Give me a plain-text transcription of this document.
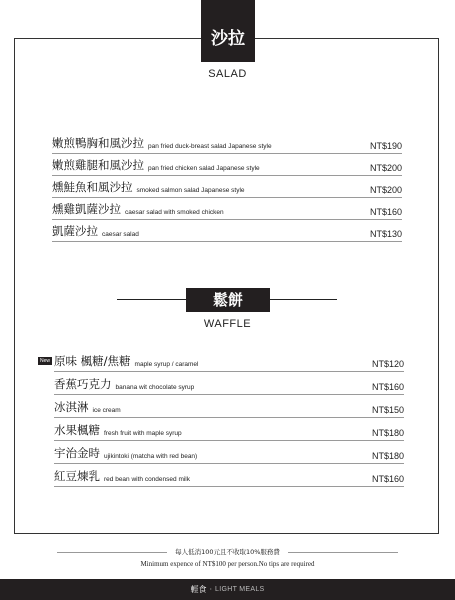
沙拉
SALAD
嫩煎鴨胸和風沙拉 pan fried duck-breast salad Japanese style	NT$190
嫩煎雞腿和風沙拉 pan fried chicken salad Japanese style	NT$200
燻鮭魚和風沙拉 smoked salmon salad Japanese style	NT$200
燻雞凱薩沙拉 caesar salad with smoked chicken	NT$160
凱薩沙拉 caesar salad	NT$130
鬆餅
WAFFLE
New 原味 楓糖/焦糖 maple syrup / caramel	NT$120
香蕉巧克力 banana wit chocolate syrup	NT$160
冰淇淋 ice cream	NT$150
水果楓糖 fresh fruit with maple syrup	NT$180
宇治金時 ujikintoki (matcha with red bean)	NT$180
紅豆煉乳 red bean with condensed milk	NT$160
每人低消100元且不收取10%服務費
Minimum expence of NT$100 per person.No tips are required
輕食 · LIGHT MEALS
